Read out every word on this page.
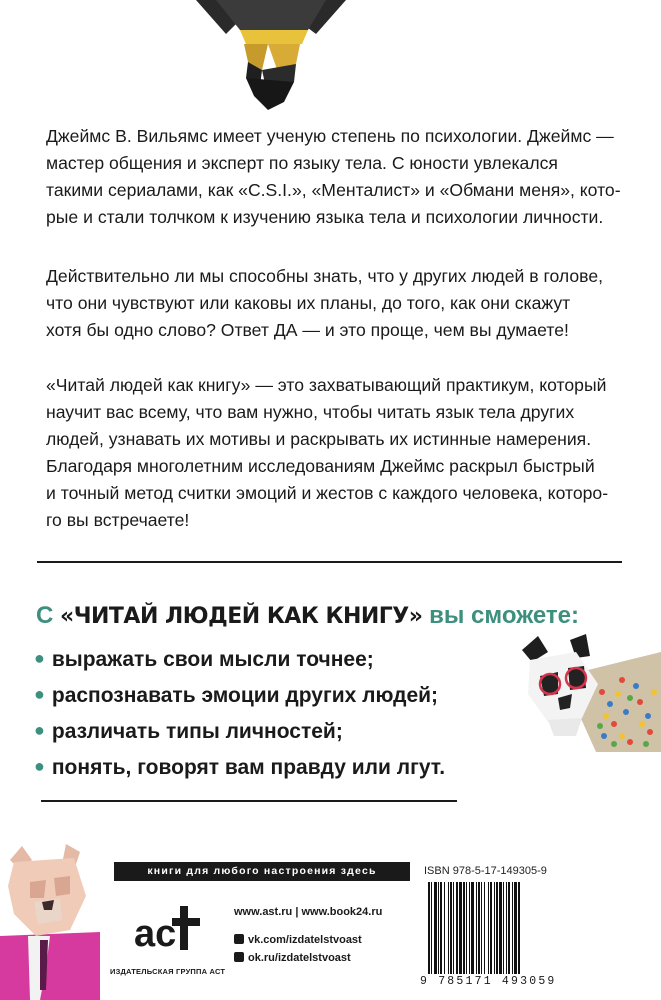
Джеймс В. Вильямс имеет ученую степень по психологии. Джеймс —
мастер общения и эксперт по языку тела. С юности увлекался
такими сериалами, как «C.S.I.», «Менталист» и «Обмани меня», кото-
рые и стали толчком к изучению языка тела и психологии личности.
Действительно ли мы способны знать, что у других людей в голове,
что они чувствуют или каковы их планы, до того, как они скажут
хотя бы одно слово? Ответ ДА — и это проще, чем вы думаете!
«Читай людей как книгу» — это захватывающий практикум, который
научит вас всему, что вам нужно, чтобы читать язык тела других
людей, узнавать их мотивы и раскрывать их истинные намерения.
Благодаря многолетним исследованиям Джеймс раскрыл быстрый
и точный метод считки эмоций и жестов с каждого человека, которо-
го вы встречаете!
С «ЧИТАЙ ЛЮДЕЙ КАК КНИГУ» вы сможете:
● выражать свои мысли точнее;
● распознавать эмоции других людей;
● различать типы личностей;
● понять, говорят вам правду или лгут.
книги для любого настроения здесь
ac
ИЗДАТЕЛЬСКАЯ ГРУППА АСТ
www.ast.ru | www.book24.ru
vk.com/izdatelstvoast
ok.ru/izdatelstvoast
ISBN 978-5-17-149305-9
9 785171 493059
